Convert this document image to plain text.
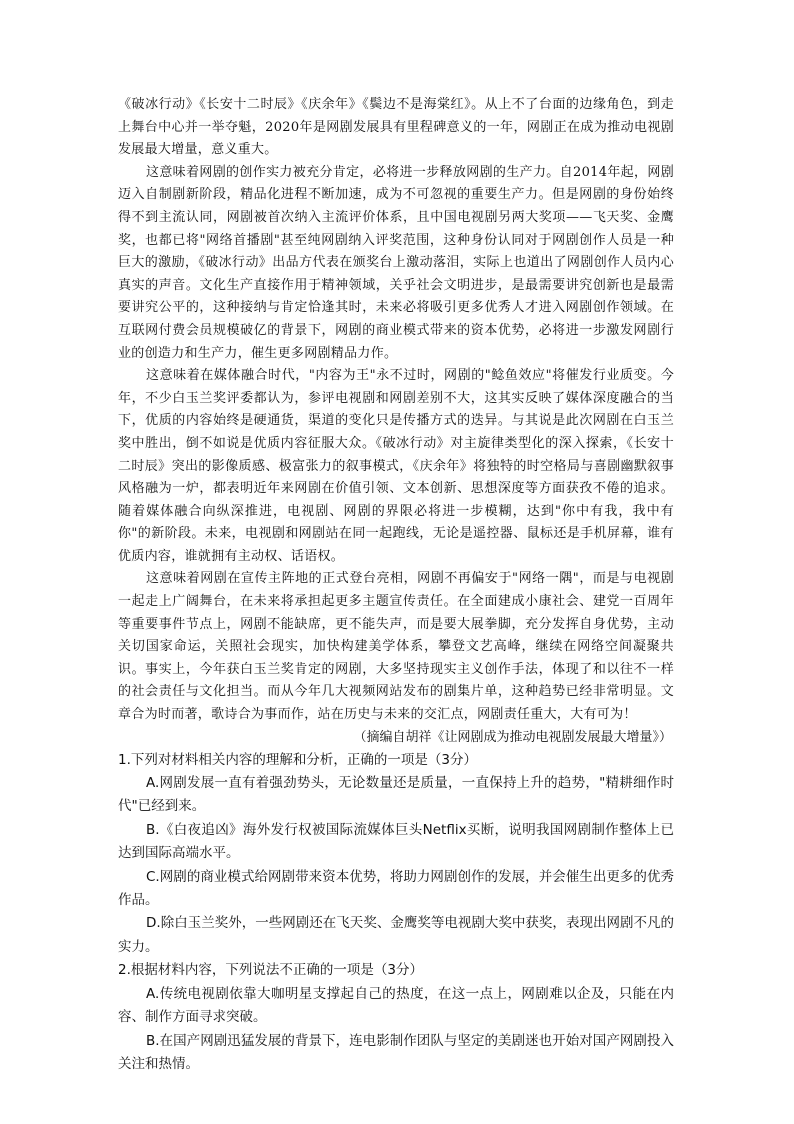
《破冰行动》《长安十二时辰》《庆余年》《鬓边不是海棠红》。从上不了台面的边缘角色，到走上舞台中心并一举夺魁，2020年是网剧发展具有里程碑意义的一年，网剧正在成为推动电视剧发展最大增量，意义重大。

这意味着网剧的创作实力被充分肯定，必将进一步释放网剧的生产力。自2014年起，网剧迈入自制剧新阶段，精品化进程不断加速，成为不可忽视的重要生产力。但是网剧的身份始终得不到主流认同，网剧被首次纳入主流评价体系，且中国电视剧另两大奖项——飞天奖、金鹰奖，也都已将"网络首播剧"甚至纯网剧纳入评奖范围，这种身份认同对于网剧创作人员是一种巨大的激励，《破冰行动》出品方代表在颁奖台上激动落泪，实际上也道出了网剧创作人员内心真实的声音。文化生产直接作用于精神领域，关乎社会文明进步，是最需要讲究创新也是最需要讲究公平的，这种接纳与肯定恰逢其时，未来必将吸引更多优秀人才进入网剧创作领域。在互联网付费会员规模破亿的背景下，网剧的商业模式带来的资本优势，必将进一步激发网剧行业的创造力和生产力，催生更多网剧精品力作。

这意味着在媒体融合时代，"内容为王"永不过时，网剧的"鲶鱼效应"将催发行业质变。今年，不少白玉兰奖评委都认为，参评电视剧和网剧差别不大，这其实反映了媒体深度融合的当下，优质的内容始终是硬通货，渠道的变化只是传播方式的迭异。与其说是此次网剧在白玉兰奖中胜出，倒不如说是优质内容征服大众。《破冰行动》对主旋律类型化的深入探索，《长安十二时辰》突出的影像质感、极富张力的叙事模式，《庆余年》将独特的时空格局与喜剧幽默叙事风格融为一炉，都表明近年来网剧在价值引领、文本创新、思想深度等方面获孜不倦的追求。随着媒体融合向纵深推进，电视剧、网剧的界限必将进一步模糊，达到"你中有我，我中有你"的新阶段。未来，电视剧和网剧站在同一起跑线，无论是遥控器、鼠标还是手机屏幕，谁有优质内容，谁就拥有主动权、话语权。

这意味着网剧在宣传主阵地的正式登台亮相，网剧不再偏安于"网络一隅"，而是与电视剧一起走上广阔舞台，在未来将承担起更多主题宣传责任。在全面建成小康社会、建党一百周年等重要事件节点上，网剧不能缺席，更不能失声，而是要大展拳脚，充分发挥自身优势，主动关切国家命运，关照社会现实，加快构建美学体系，攀登文艺高峰，继续在网络空间凝聚共识。事实上，今年获白玉兰奖肯定的网剧，大多坚持现实主义创作手法，体现了和以往不一样的社会责任与文化担当。而从今年几大视频网站发布的剧集片单，这种趋势已经非常明显。文章合为时而著，歌诗合为事而作，站在历史与未来的交汇点，网剧责任重大，大有可为！

（摘编自胡祥《让网剧成为推动电视剧发展最大增量》）

1.下列对材料相关内容的理解和分析，正确的一项是（3分）

A.网剧发展一直有着强劲势头，无论数量还是质量，一直保持上升的趋势，"精耕细作时代"已经到来。

B.《白夜追凶》海外发行权被国际流媒体巨头Netflix买断，说明我国网剧制作整体上已达到国际高端水平。

C.网剧的商业模式给网剧带来资本优势，将助力网剧创作的发展，并会催生出更多的优秀作品。

D.除白玉兰奖外，一些网剧还在飞天奖、金鹰奖等电视剧大奖中获奖，表现出网剧不凡的实力。

2.根据材料内容，下列说法不正确的一项是（3分）

A.传统电视剧依靠大咖明星支撑起自己的热度，在这一点上，网剧难以企及，只能在内容、制作方面寻求突破。

B.在国产网剧迅猛发展的背景下，连电影制作团队与坚定的美剧迷也开始对国产网剧投入关注和热情。
